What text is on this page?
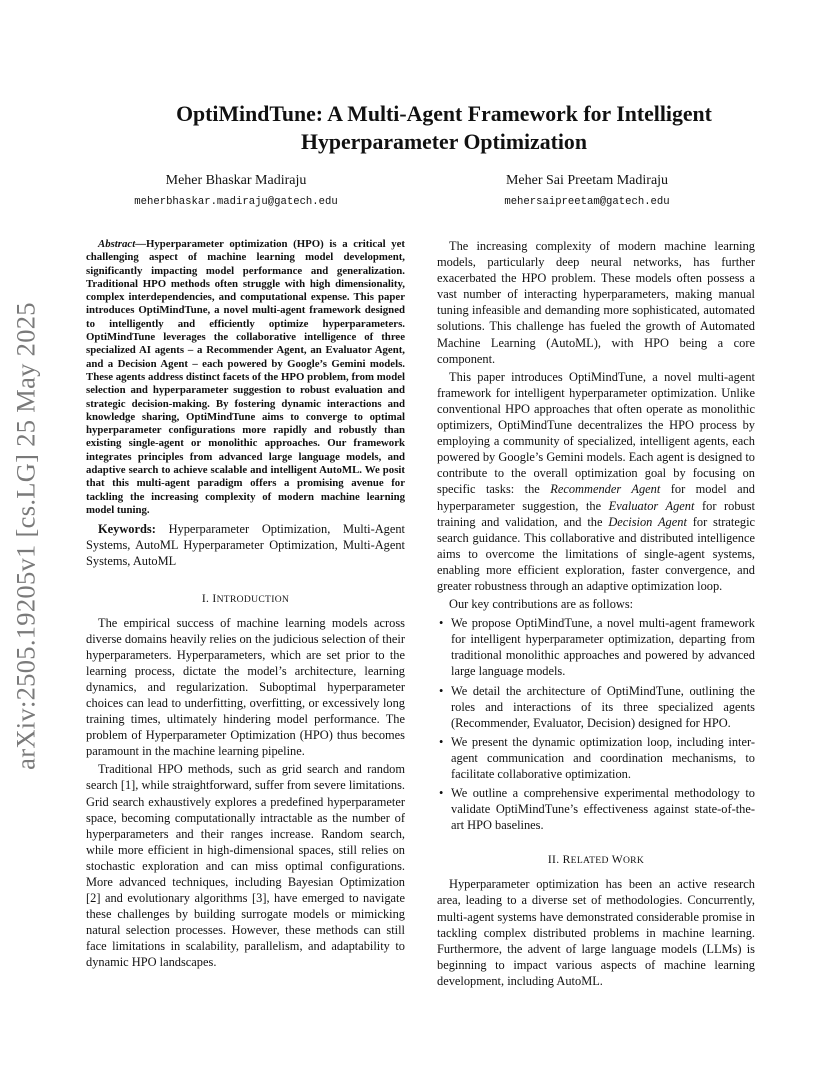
arXiv:2505.19205v1 [cs.LG] 25 May 2025
OptiMindTune: A Multi-Agent Framework for Intelligent Hyperparameter Optimization
Meher Bhaskar Madiraju
meherbhaskar.madiraju@gatech.edu
Meher Sai Preetam Madiraju
mehersaipreetam@gatech.edu

Abstract—Hyperparameter optimization (HPO) is a critical yet challenging aspect of machine learning model development, significantly impacting model performance and generalization. Traditional HPO methods often struggle with high dimensionality, complex interdependencies, and computational expense. This paper introduces OptiMindTune, a novel multi-agent framework designed to intelligently and efficiently optimize hyperparameters. OptiMindTune leverages the collaborative intelligence of three specialized AI agents – a Recommender Agent, an Evaluator Agent, and a Decision Agent – each powered by Google’s Gemini models. These agents address distinct facets of the HPO problem, from model selection and hyperparameter suggestion to robust evaluation and strategic decision-making. By fostering dynamic interactions and knowledge sharing, OptiMindTune aims to converge to optimal hyperparameter configurations more rapidly and robustly than existing single-agent or monolithic approaches. Our framework integrates principles from advanced large language models, and adaptive search to achieve scalable and intelligent AutoML. We posit that this multi-agent paradigm offers a promising avenue for tackling the increasing complexity of modern machine learning model tuning.

Keywords: Hyperparameter Optimization, Multi-Agent Systems, AutoML Hyperparameter Optimization, Multi-Agent Systems, AutoML

I. INTRODUCTION

The empirical success of machine learning models across diverse domains heavily relies on the judicious selection of their hyperparameters. Hyperparameters, which are set prior to the learning process, dictate the model’s architecture, learning dynamics, and regularization. Suboptimal hyperparameter choices can lead to underfitting, overfitting, or excessively long training times, ultimately hindering model performance. The problem of Hyperparameter Optimization (HPO) thus becomes paramount in the machine learning pipeline.

Traditional HPO methods, such as grid search and random search [1], while straightforward, suffer from severe limitations. Grid search exhaustively explores a predefined hyperparameter space, becoming computationally intractable as the number of hyperparameters and their ranges increase. Random search, while more efficient in high-dimensional spaces, still relies on stochastic exploration and can miss optimal configurations. More advanced techniques, including Bayesian Optimization [2] and evolutionary algorithms [3], have emerged to navigate these challenges by building surrogate models or mimicking natural selection processes. However, these methods can still face limitations in scalability, parallelism, and adaptability to dynamic HPO landscapes.

The increasing complexity of modern machine learning models, particularly deep neural networks, has further exacerbated the HPO problem. These models often possess a vast number of interacting hyperparameters, making manual tuning infeasible and demanding more sophisticated, automated solutions. This challenge has fueled the growth of Automated Machine Learning (AutoML), with HPO being a core component.

This paper introduces OptiMindTune, a novel multi-agent framework for intelligent hyperparameter optimization. Unlike conventional HPO approaches that often operate as monolithic optimizers, OptiMindTune decentralizes the HPO process by employing a community of specialized, intelligent agents, each powered by Google’s Gemini models. Each agent is designed to contribute to the overall optimization goal by focusing on specific tasks: the Recommender Agent for model and hyperparameter suggestion, the Evaluator Agent for robust training and validation, and the Decision Agent for strategic search guidance. This collaborative and distributed intelligence aims to overcome the limitations of single-agent systems, enabling more efficient exploration, faster convergence, and greater robustness through an adaptive optimization loop.

Our key contributions are as follows:

• We propose OptiMindTune, a novel multi-agent framework for intelligent hyperparameter optimization, departing from traditional monolithic approaches and powered by advanced large language models.
• We detail the architecture of OptiMindTune, outlining the roles and interactions of its three specialized agents (Recommender, Evaluator, Decision) designed for HPO.
• We present the dynamic optimization loop, including inter-agent communication and coordination mechanisms, to facilitate collaborative optimization.
• We outline a comprehensive experimental methodology to validate OptiMindTune’s effectiveness against state-of-the-art HPO baselines.
II. RELATED WORK

Hyperparameter optimization has been an active research area, leading to a diverse set of methodologies. Concurrently, multi-agent systems have demonstrated considerable promise in tackling complex distributed problems in machine learning. Furthermore, the advent of large language models (LLMs) is beginning to impact various aspects of machine learning development, including AutoML.
